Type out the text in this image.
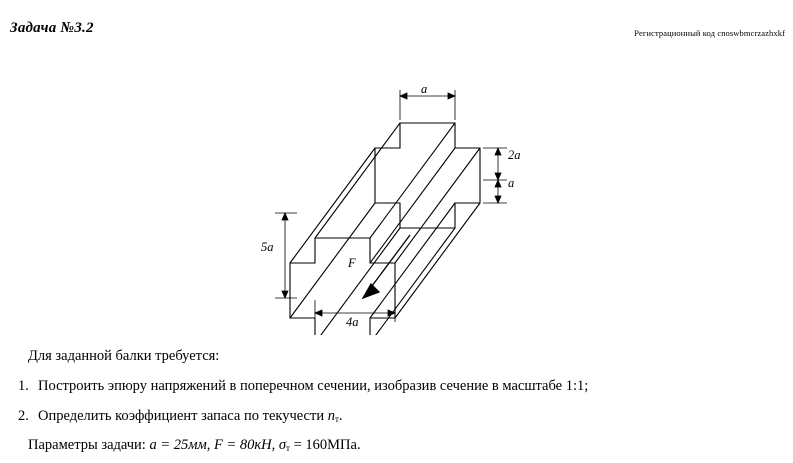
Задача №3.2	Регистрационный код cnoswbmcrzazhxkf
a
2a
a
5a
4a
F
Для заданной балки требуется:
1. Построить эпюру напряжений в поперечном сечении, изобразив сечение в масштабе 1:1;
2. Определить коэффициент запаса по текучести $n_т$.
Параметры задачи: a = 25мм, F = 80кН, $\sigma_т = 160МПа$.
